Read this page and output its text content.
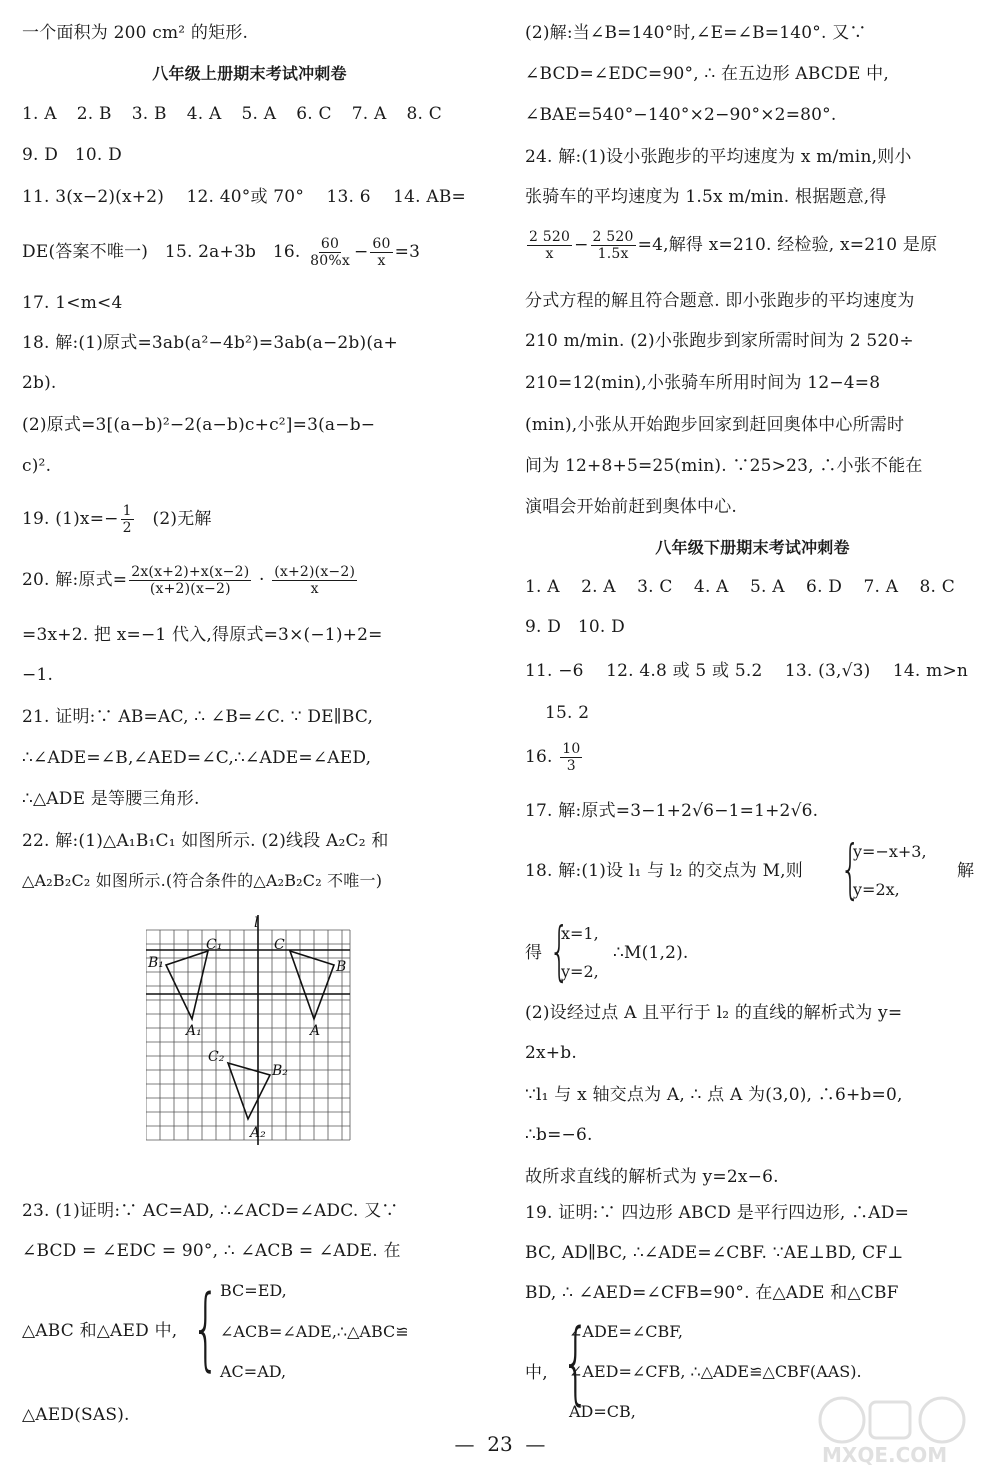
一个面积为 200 cm² 的矩形.
八年级上册期末考试冲刺卷
1. A 2. B 3. B 4. A 5. A 6. C 7. A 8. C
9. D 10. D
11. 3(x−2)(x+2) 12. 40°或 70° 13. 6 14. AB=
DE(答案不唯一) 15. 2a+3b 16. $\frac{60}{80\%x} - \frac{60}{x} =3$
17. 1<m<4
18. 解:(1)原式=3ab(a²−4b²)=3ab(a−2b)(a+
2b).
(2)原式=3[(a−b)²−2(a−b)c+c²]=3(a−b−
c)².
19. $(1)x=- \frac{1}{2} (2)$无解
20. 解:原式= $\frac{2x(x+2)+x(x-2)}{(x+2)(x-2)} \cdot \frac{(x+2)(x-2)}{x}$
=3x+2. 把 x=−1 代入,得原式=3×(−1)+2=
−1.
21. 证明:∵ AB=AC, ∴ ∠B=∠C. ∵ DE∥BC,
∴∠ADE=∠B,∠AED=∠C,∴∠ADE=∠AED,
∴△ADE 是等腰三角形.
22. 解:(1)△A₁B₁C₁ 如图所示. (2)线段 A₂C₂ 和
△A₂B₂C₂ 如图所示.(符合条件的△A₂B₂C₂ 不唯一)
23. (1)证明:∵ AC=AD, ∴∠ACD=∠ADC. 又∵
∠BCD = ∠EDC = 90°, ∴ ∠ACB = ∠ADE. 在
△ABC 和△AED 中, { BC=ED,
∠ACB=∠ADE,∴△ABC≌
AC=AD,
△AED(SAS).
l
C₁
B₁
A₁
C
B
A
C₂
B₂
A₂
(2)解:当∠B=140°时,∠E=∠B=140°. 又∵
∠BCD=∠EDC=90°, ∴ 在五边形 ABCDE 中,
∠BAE=540°−140°×2−90°×2=80°.
24. 解:(1)设小张跑步的平均速度为 x m/min,则小
张骑车的平均速度为 1.5x m/min. 根据题意,得
$\frac{2 520}{x} - \frac{2 520}{1.5x} =4$,解得 x=210. 经检验, x=210 是原
分式方程的解且符合题意. 即小张跑步的平均速度为
210 m/min. (2)小张跑步到家所需时间为 2 520÷
210=12(min),小张骑车所用时间为 12−4=8
(min),小张从开始跑步回家到赶回奥体中心所需时
间为 12+8+5=25(min). ∵25>23, ∴小张不能在
演唱会开始前赶到奥体中心.
八年级下册期末考试冲刺卷
1. A 2. A 3. C 4. A 5. A 6. D 7. A 8. C
9. D 10. D
11. −6 12. 4.8 或 5 或 5.2 13. (3,√3) 14. m>n
15. 2
16. $\frac{10}{3}$
17. 解:原式=3−1+2√6−1=1+2√6.
18. 解:(1)设 l₁ 与 l₂ 的交点为 M,则 {
y=−x+3,
y=2x,
解
得 {
x=1,
y=2,
∴M(1,2).
(2)设经过点 A 且平行于 l₂ 的直线的解析式为 y=
2x+b.
∵l₁ 与 x 轴交点为 A, ∴ 点 A 为(3,0), ∴6+b=0,
∴b=−6.
故所求直线的解析式为 y=2x−6.
19. 证明:∵ 四边形 ABCD 是平行四边形, ∴AD=
BC, AD∥BC, ∴∠ADE=∠CBF. ∵AE⊥BD, CF⊥
BD, ∴ ∠AED=∠CFB=90°. 在△ADE 和△CBF
中, {
∠ADE=∠CBF,
∠AED=∠CFB, ∴△ADE≌△CBF(AAS).
AD=CB,
—  23  —	MXQE.COM
